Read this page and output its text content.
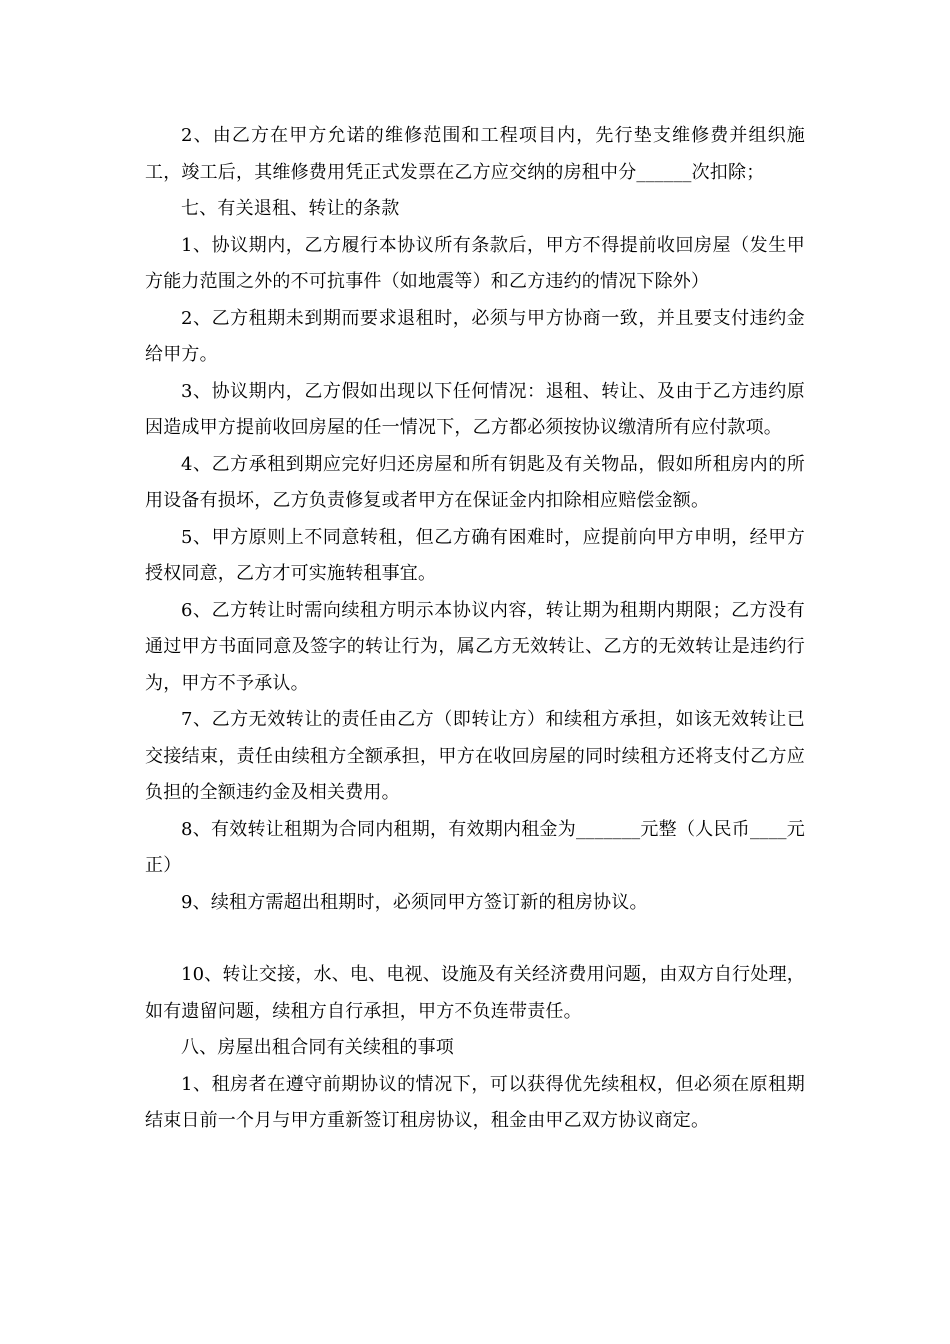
2、由乙方在甲方允诺的维修范围和工程项目内，先行垫支维修费并组织施工，竣工后，其维修费用凭正式发票在乙方应交纳的房租中分______次扣除；

七、有关退租、转让的条款

1、协议期内，乙方履行本协议所有条款后，甲方不得提前收回房屋（发生甲方能力范围之外的不可抗事件（如地震等）和乙方违约的情况下除外）

2、乙方租期未到期而要求退租时，必须与甲方协商一致，并且要支付违约金给甲方。

3、协议期内，乙方假如出现以下任何情况：退租、转让、及由于乙方违约原因造成甲方提前收回房屋的任一情况下，乙方都必须按协议缴清所有应付款项。

4、乙方承租到期应完好归还房屋和所有钥匙及有关物品，假如所租房内的所用设备有损坏，乙方负责修复或者甲方在保证金内扣除相应赔偿金额。

5、甲方原则上不同意转租，但乙方确有困难时，应提前向甲方申明，经甲方授权同意，乙方才可实施转租事宜。

6、乙方转让时需向续租方明示本协议内容，转让期为租期内期限；乙方没有通过甲方书面同意及签字的转让行为，属乙方无效转让、乙方的无效转让是违约行为，甲方不予承认。

7、乙方无效转让的责任由乙方（即转让方）和续租方承担，如该无效转让已交接结束，责任由续租方全额承担，甲方在收回房屋的同时续租方还将支付乙方应负担的全额违约金及相关费用。

8、有效转让租期为合同内租期，有效期内租金为_______元整（人民币____元正）

9、续租方需超出租期时，必须同甲方签订新的租房协议。

10、转让交接，水、电、电视、设施及有关经济费用问题，由双方自行处理，如有遗留问题，续租方自行承担，甲方不负连带责任。

八、房屋出租合同有关续租的事项

1、租房者在遵守前期协议的情况下，可以获得优先续租权，但必须在原租期结束日前一个月与甲方重新签订租房协议，租金由甲乙双方协议商定。
